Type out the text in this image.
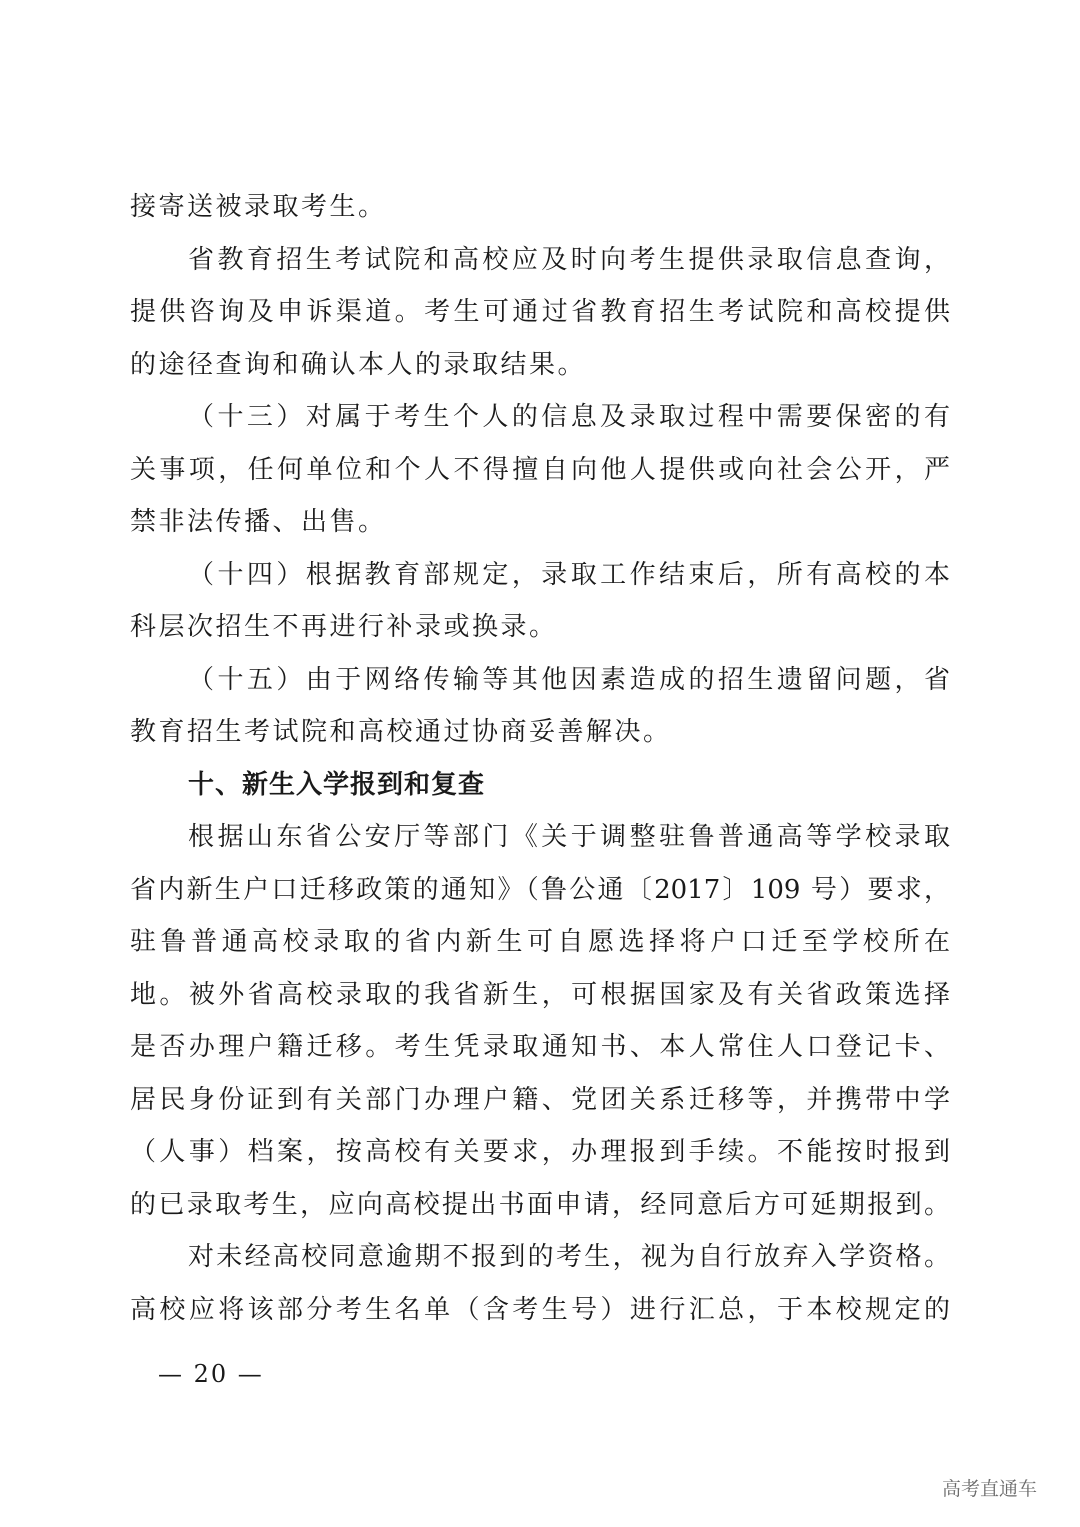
接寄送被录取考生。
省教育招生考试院和高校应及时向考生提供录取信息查询，
提供咨询及申诉渠道。考生可通过省教育招生考试院和高校提供
的途径查询和确认本人的录取结果。
（十三）对属于考生个人的信息及录取过程中需要保密的有
关事项，任何单位和个人不得擅自向他人提供或向社会公开，严
禁非法传播、出售。
（十四）根据教育部规定，录取工作结束后，所有高校的本
科层次招生不再进行补录或换录。
（十五）由于网络传输等其他因素造成的招生遗留问题，省
教育招生考试院和高校通过协商妥善解决。
十、新生入学报到和复查
根据山东省公安厅等部门《关于调整驻鲁普通高等学校录取
省内新生户口迁移政策的通知》（鲁公通〔2017〕109 号）要求，
驻鲁普通高校录取的省内新生可自愿选择将户口迁至学校所在
地。被外省高校录取的我省新生，可根据国家及有关省政策选择
是否办理户籍迁移。考生凭录取通知书、本人常住人口登记卡、
居民身份证到有关部门办理户籍、党团关系迁移等，并携带中学
（人事）档案，按高校有关要求，办理报到手续。不能按时报到
的已录取考生，应向高校提出书面申请，经同意后方可延期报到。
对未经高校同意逾期不报到的考生，视为自行放弃入学资格。
高校应将该部分考生名单（含考生号）进行汇总，于本校规定的
— 20 —
高考直通车
